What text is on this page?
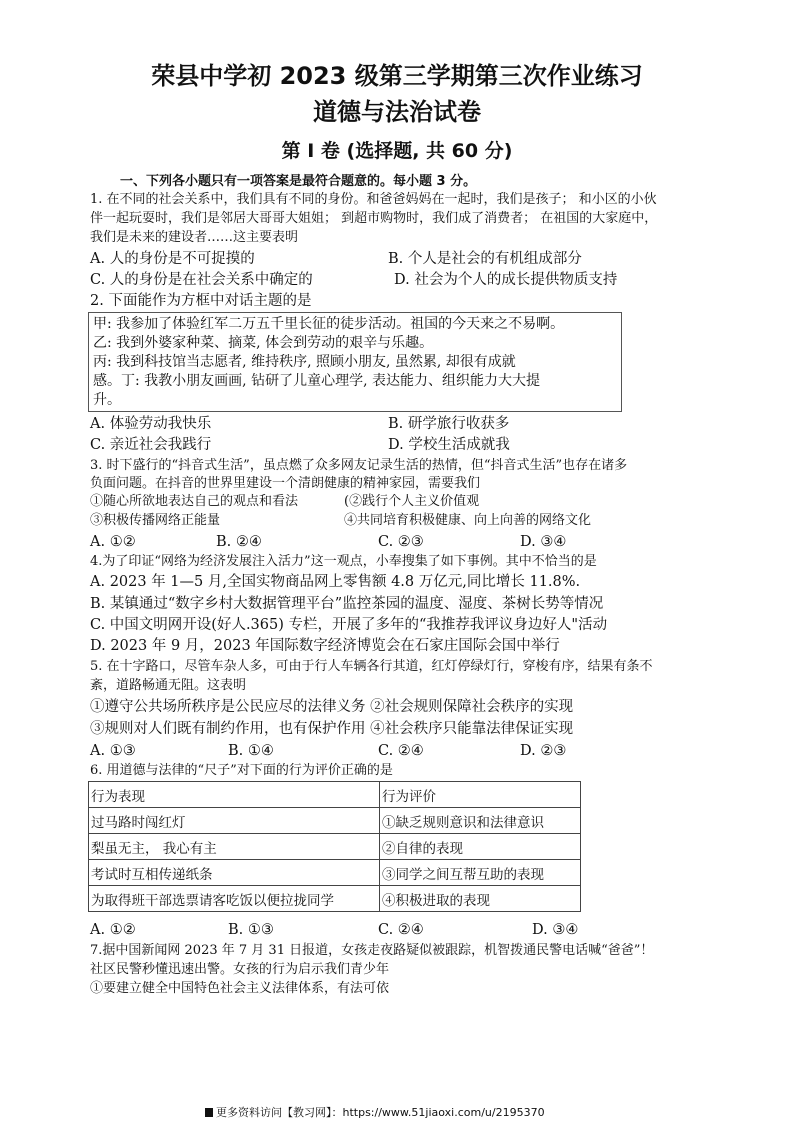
荣县中学初 2023 级第三学期第三次作业练习
道德与法治试卷
第 I 卷 (选择题, 共 60 分)
一、下列各小题只有一项答案是最符合题意的。每小题 3 分。
1. 在不同的社会关系中，我们具有不同的身份。和爸爸妈妈在一起时，我们是孩子； 和小区的小伙
伴一起玩耍时，我们是邻居大哥哥大姐姐； 到超市购物时，我们成了消费者； 在祖国的大家庭中，
我们是未来的建设者……这主要表明
A. 人的身份是不可捉摸的	B. 个人是社会的有机组成部分
C. 人的身份是在社会关系中确定的	D. 社会为个人的成长提供物质支持
2. 下面能作为方框中对话主题的是
甲: 我参加了体验红军二万五千里长征的徒步活动。祖国的今天来之不易啊。
乙: 我到外婆家种菜、摘菜, 体会到劳动的艰辛与乐趣。
丙: 我到科技馆当志愿者, 维持秩序, 照顾小朋友, 虽然累, 却很有成就
感。丁: 我教小朋友画画, 钻研了儿童心理学, 表达能力、组织能力大大提
升。
A. 体验劳动我快乐	B. 研学旅行收获多
C. 亲近社会我践行	D. 学校生活成就我
3. 时下盛行的“抖音式生活”，虽点燃了众多网友记录生活的热情，但“抖音式生活”也存在诸多
负面问题。在抖音的世界里建设一个清朗健康的精神家园，需要我们
①随心所欲地表达自己的观点和看法	(②践行个人主义价值观
③积极传播网络正能量	④共同培育积极健康、向上向善的网络文化
A. ①②	B. ②④	C. ②③	D. ③④
4.为了印证“网络为经济发展注入活力”这一观点，小奉搜集了如下事例。其中不恰当的是
A. 2023 年 1—5 月,全国实物商品网上零售额 4.8 万亿元,同比增长 11.8%.
B. 某镇通过“数字乡村大数据管理平台”监控茶园的温度、湿度、茶树长势等情况
C. 中国文明网开设(好人.365) 专栏，开展了多年的“我推荐我评议身边好人"活动
D. 2023 年 9 月，2023 年国际数字经济博览会在石家庄国际会国中举行
5. 在十字路口，尽管车杂人多，可由于行人车辆各行其道，红灯停绿灯行，穿梭有序，结果有条不
紊，道路畅通无阻。这表明
①遵守公共场所秩序是公民应尽的法律义务 ②社会规则保障社会秩序的实现
③规则对人们既有制约作用，也有保护作用 ④社会秩序只能靠法律保证实现
A. ①③	B. ①④	C. ②④	D. ②③
6. 用道德与法律的“尺子”对下面的行为评价正确的是
行为表现	行为评价
过马路时闯红灯	①缺乏规则意识和法律意识
梨虽无主， 我心有主	②自律的表现
考试时互相传递纸条	③同学之间互帮互助的表现
为取得班干部选票请客吃饭以便拉拢同学	④积极进取的表现
A. ①②	B. ①③	C. ②④	D. ③④
7.据中国新闻网 2023 年 7 月 31 日报道，女孩走夜路疑似被跟踪，机智拨通民警电话喊“爸爸”！
社区民警秒懂迅速出警。女孩的行为启示我们青少年
①要建立健全中国特色社会主义法律体系，有法可依
更多资料访问【教习网】：https://www.51jiaoxi.com/u/2195370
